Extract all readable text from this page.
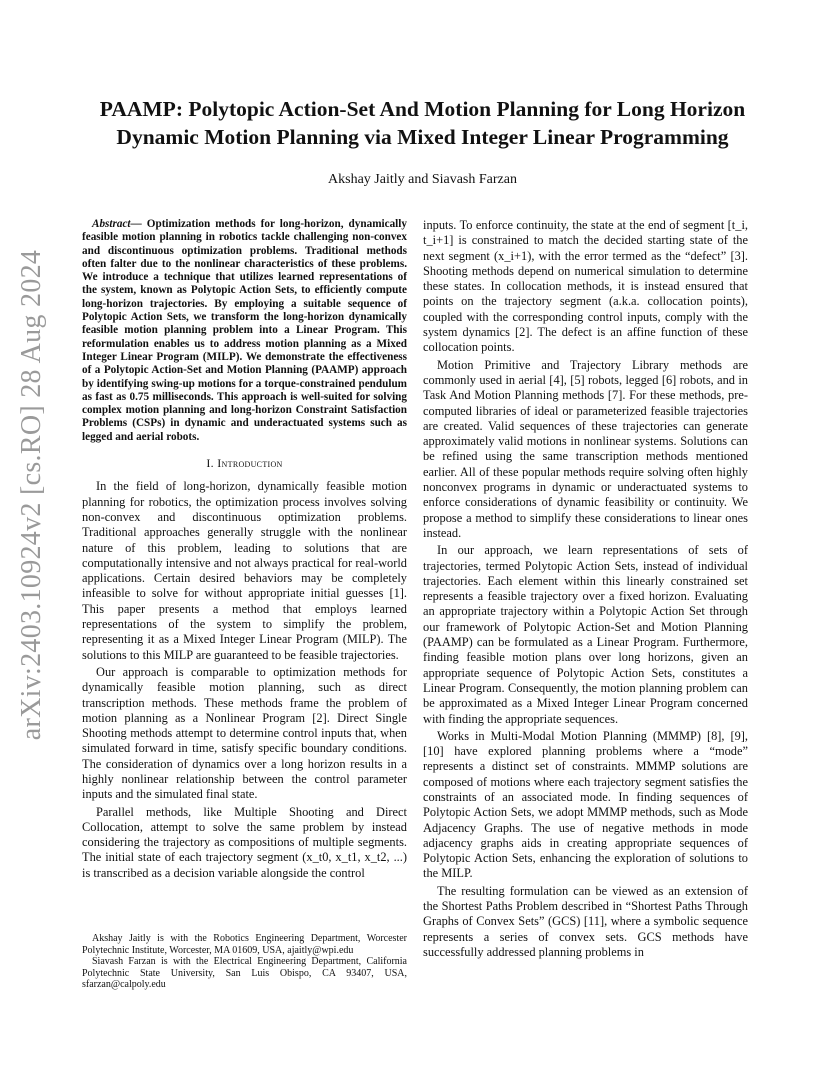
arXiv:2403.10924v2 [cs.RO] 28 Aug 2024
PAAMP: Polytopic Action-Set And Motion Planning for Long Horizon Dynamic Motion Planning via Mixed Integer Linear Programming
Akshay Jaitly and Siavash Farzan

Abstract— Optimization methods for long-horizon, dynamically feasible motion planning in robotics tackle challenging non-convex and discontinuous optimization problems. Traditional methods often falter due to the nonlinear characteristics of these problems. We introduce a technique that utilizes learned representations of the system, known as Polytopic Action Sets, to efficiently compute long-horizon trajectories. By employing a suitable sequence of Polytopic Action Sets, we transform the long-horizon dynamically feasible motion planning problem into a Linear Program. This reformulation enables us to address motion planning as a Mixed Integer Linear Program (MILP). We demonstrate the effectiveness of a Polytopic Action-Set and Motion Planning (PAAMP) approach by identifying swing-up motions for a torque-constrained pendulum as fast as 0.75 milliseconds. This approach is well-suited for solving complex motion planning and long-horizon Constraint Satisfaction Problems (CSPs) in dynamic and underactuated systems such as legged and aerial robots.

I. Introduction

In the field of long-horizon, dynamically feasible motion planning for robotics, the optimization process involves solving non-convex and discontinuous optimization problems. Traditional approaches generally struggle with the nonlinear nature of this problem, leading to solutions that are computationally intensive and not always practical for real-world applications. Certain desired behaviors may be completely infeasible to solve for without appropriate initial guesses [1]. This paper presents a method that employs learned representations of the system to simplify the problem, representing it as a Mixed Integer Linear Program (MILP). The solutions to this MILP are guaranteed to be feasible trajectories.

Our approach is comparable to optimization methods for dynamically feasible motion planning, such as direct transcription methods. These methods frame the problem of motion planning as a Nonlinear Program [2]. Direct Single Shooting methods attempt to determine control inputs that, when simulated forward in time, satisfy specific boundary conditions. The consideration of dynamics over a long horizon results in a highly nonlinear relationship between the control parameter inputs and the simulated final state.

Parallel methods, like Multiple Shooting and Direct Collocation, attempt to solve the same problem by instead considering the trajectory as compositions of multiple segments. The initial state of each trajectory segment (x_t0, x_t1, x_t2, ...) is transcribed as a decision variable alongside the control

inputs. To enforce continuity, the state at the end of segment [t_i, t_i+1] is constrained to match the decided starting state of the next segment (x_i+1), with the error termed as the “defect” [3]. Shooting methods depend on numerical simulation to determine these states. In collocation methods, it is instead ensured that points on the trajectory segment (a.k.a. collocation points), coupled with the corresponding control inputs, comply with the system dynamics [2]. The defect is an affine function of these collocation points.

Motion Primitive and Trajectory Library methods are commonly used in aerial [4], [5] robots, legged [6] robots, and in Task And Motion Planning methods [7]. For these methods, pre-computed libraries of ideal or parameterized feasible trajectories are created. Valid sequences of these trajectories can generate approximately valid motions in nonlinear systems. Solutions can be refined using the same transcription methods mentioned earlier. All of these popular methods require solving often highly nonconvex programs in dynamic or underactuated systems to enforce considerations of dynamic feasibility or continuity. We propose a method to simplify these considerations to linear ones instead.

In our approach, we learn representations of sets of trajectories, termed Polytopic Action Sets, instead of individual trajectories. Each element within this linearly constrained set represents a feasible trajectory over a fixed horizon. Evaluating an appropriate trajectory within a Polytopic Action Set through our framework of Polytopic Action-Set and Motion Planning (PAAMP) can be formulated as a Linear Program. Furthermore, finding feasible motion plans over long horizons, given an appropriate sequence of Polytopic Action Sets, constitutes a Linear Program. Consequently, the motion planning problem can be approximated as a Mixed Integer Linear Program concerned with finding the appropriate sequences.

Works in Multi-Modal Motion Planning (MMMP) [8], [9], [10] have explored planning problems where a “mode” represents a distinct set of constraints. MMMP solutions are composed of motions where each trajectory segment satisfies the constraints of an associated mode. In finding sequences of Polytopic Action Sets, we adopt MMMP methods, such as Mode Adjacency Graphs. The use of negative methods in mode adjacency graphs aids in creating appropriate sequences of Polytopic Action Sets, enhancing the exploration of solutions to the MILP.

The resulting formulation can be viewed as an extension of the Shortest Paths Problem described in “Shortest Paths Through Graphs of Convex Sets” (GCS) [11], where a symbolic sequence represents a series of convex sets. GCS methods have successfully addressed planning problems in

Akshay Jaitly is with the Robotics Engineering Department, Worcester Polytechnic Institute, Worcester, MA 01609, USA, ajaitly@wpi.edu

Siavash Farzan is with the Electrical Engineering Department, California Polytechnic State University, San Luis Obispo, CA 93407, USA, sfarzan@calpoly.edu
